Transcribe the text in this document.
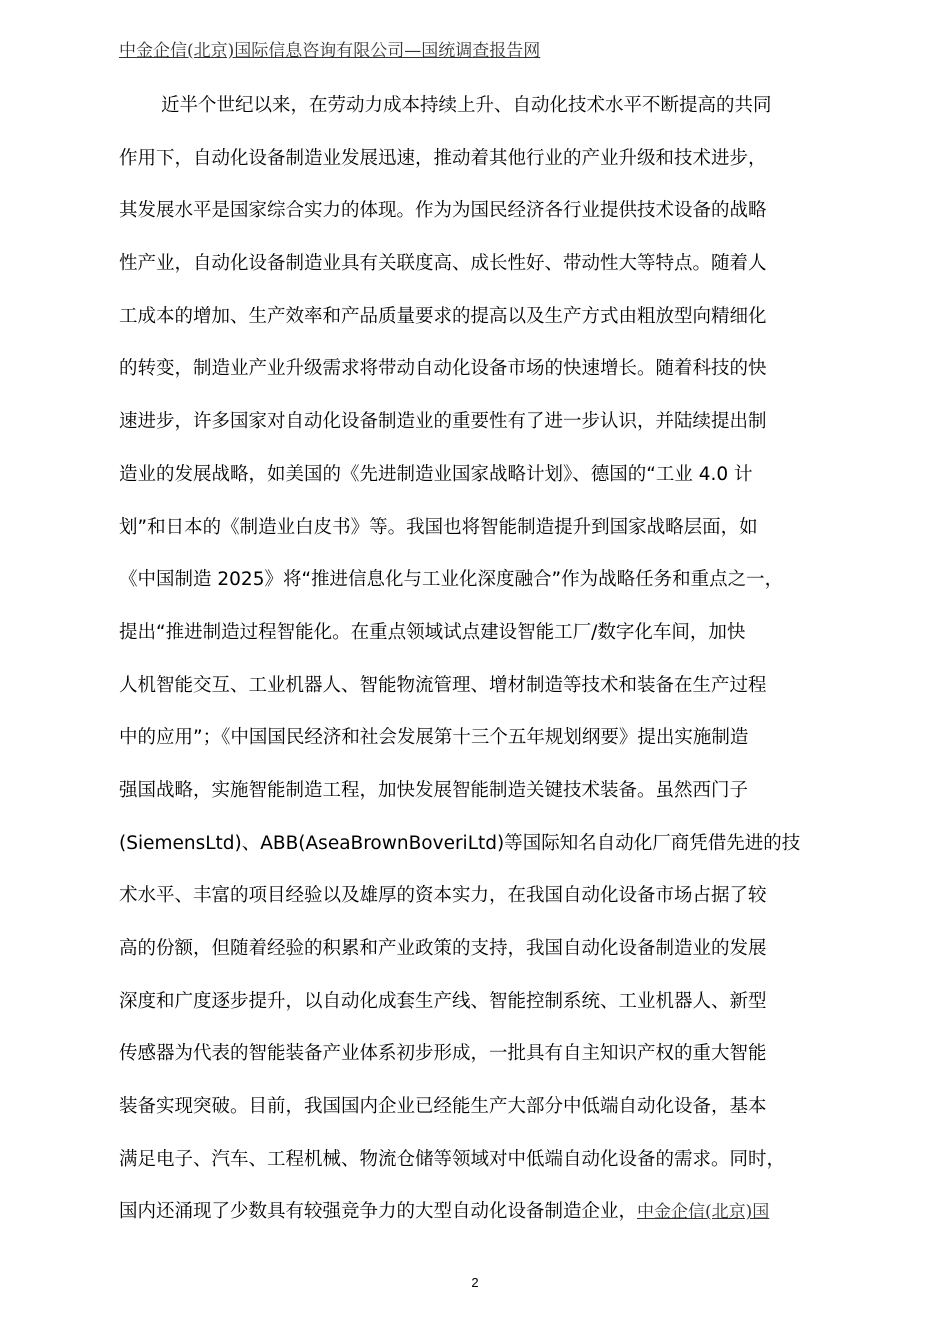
中金企信(北京)国际信息咨询有限公司—国统调查报告网
近半个世纪以来，在劳动力成本持续上升、自动化技术水平不断提高的共同
作用下，自动化设备制造业发展迅速，推动着其他行业的产业升级和技术进步，
其发展水平是国家综合实力的体现。作为为国民经济各行业提供技术设备的战略
性产业，自动化设备制造业具有关联度高、成长性好、带动性大等特点。随着人
工成本的增加、生产效率和产品质量要求的提高以及生产方式由粗放型向精细化
的转变，制造业产业升级需求将带动自动化设备市场的快速增长。随着科技的快
速进步，许多国家对自动化设备制造业的重要性有了进一步认识，并陆续提出制
造业的发展战略，如美国的《先进制造业国家战略计划》、德国的“工业 4.0 计
划”和日本的《制造业白皮书》等。我国也将智能制造提升到国家战略层面，如
《中国制造 2025》将“推进信息化与工业化深度融合”作为战略任务和重点之一，
提出“推进制造过程智能化。在重点领域试点建设智能工厂/数字化车间，加快
人机智能交互、工业机器人、智能物流管理、增材制造等技术和装备在生产过程
中的应用”；《中国国民经济和社会发展第十三个五年规划纲要》提出实施制造
强国战略，实施智能制造工程，加快发展智能制造关键技术装备。虽然西门子
(SiemensLtd)、ABB(AseaBrownBoveriLtd)等国际知名自动化厂商凭借先进的技
术水平、丰富的项目经验以及雄厚的资本实力，在我国自动化设备市场占据了较
高的份额，但随着经验的积累和产业政策的支持，我国自动化设备制造业的发展
深度和广度逐步提升，以自动化成套生产线、智能控制系统、工业机器人、新型
传感器为代表的智能装备产业体系初步形成，一批具有自主知识产权的重大智能
装备实现突破。目前，我国国内企业已经能生产大部分中低端自动化设备，基本
满足电子、汽车、工程机械、物流仓储等领域对中低端自动化设备的需求。同时，
国内还涌现了少数具有较强竞争力的大型自动化设备制造企业，中金企信(北京)国
2
